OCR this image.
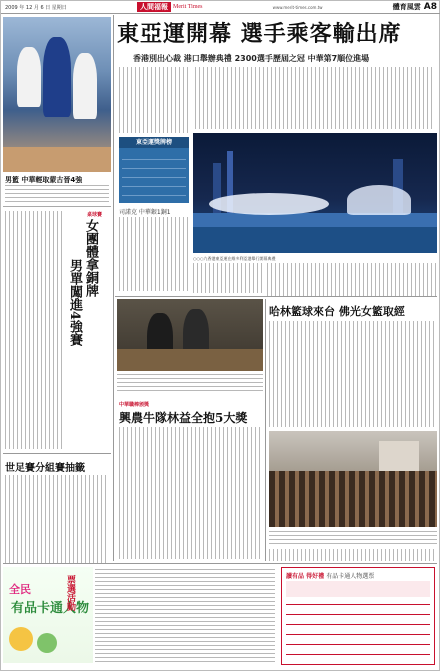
2009 年 12 月 6 日 星期日	人間福報 Merit Times	www.merit-times.com.tw	體育風雲 A8
男籃 中華輕取蒙古晉4強
桌球賽
女團體拿銅牌
男單闖進4強賽
世足賽分組賽抽籤
東亞運開幕 選手乘客輸出席
香港別出心裁 港口舉辦典禮 2300選手歷屆之冠 中華第7順位進場
東亞運獎牌榜

司諾克 中華銀1銅1
○○○九香港東亞運在維多利亞港舉行開幕典禮
中華職棒頒獎
興農牛隊林益全抱5大獎
哈林籃球來台 佛光女籃取經
全民
有品卡通人物
票選活動	讀有品 得好禮 有品卡通人物選票
